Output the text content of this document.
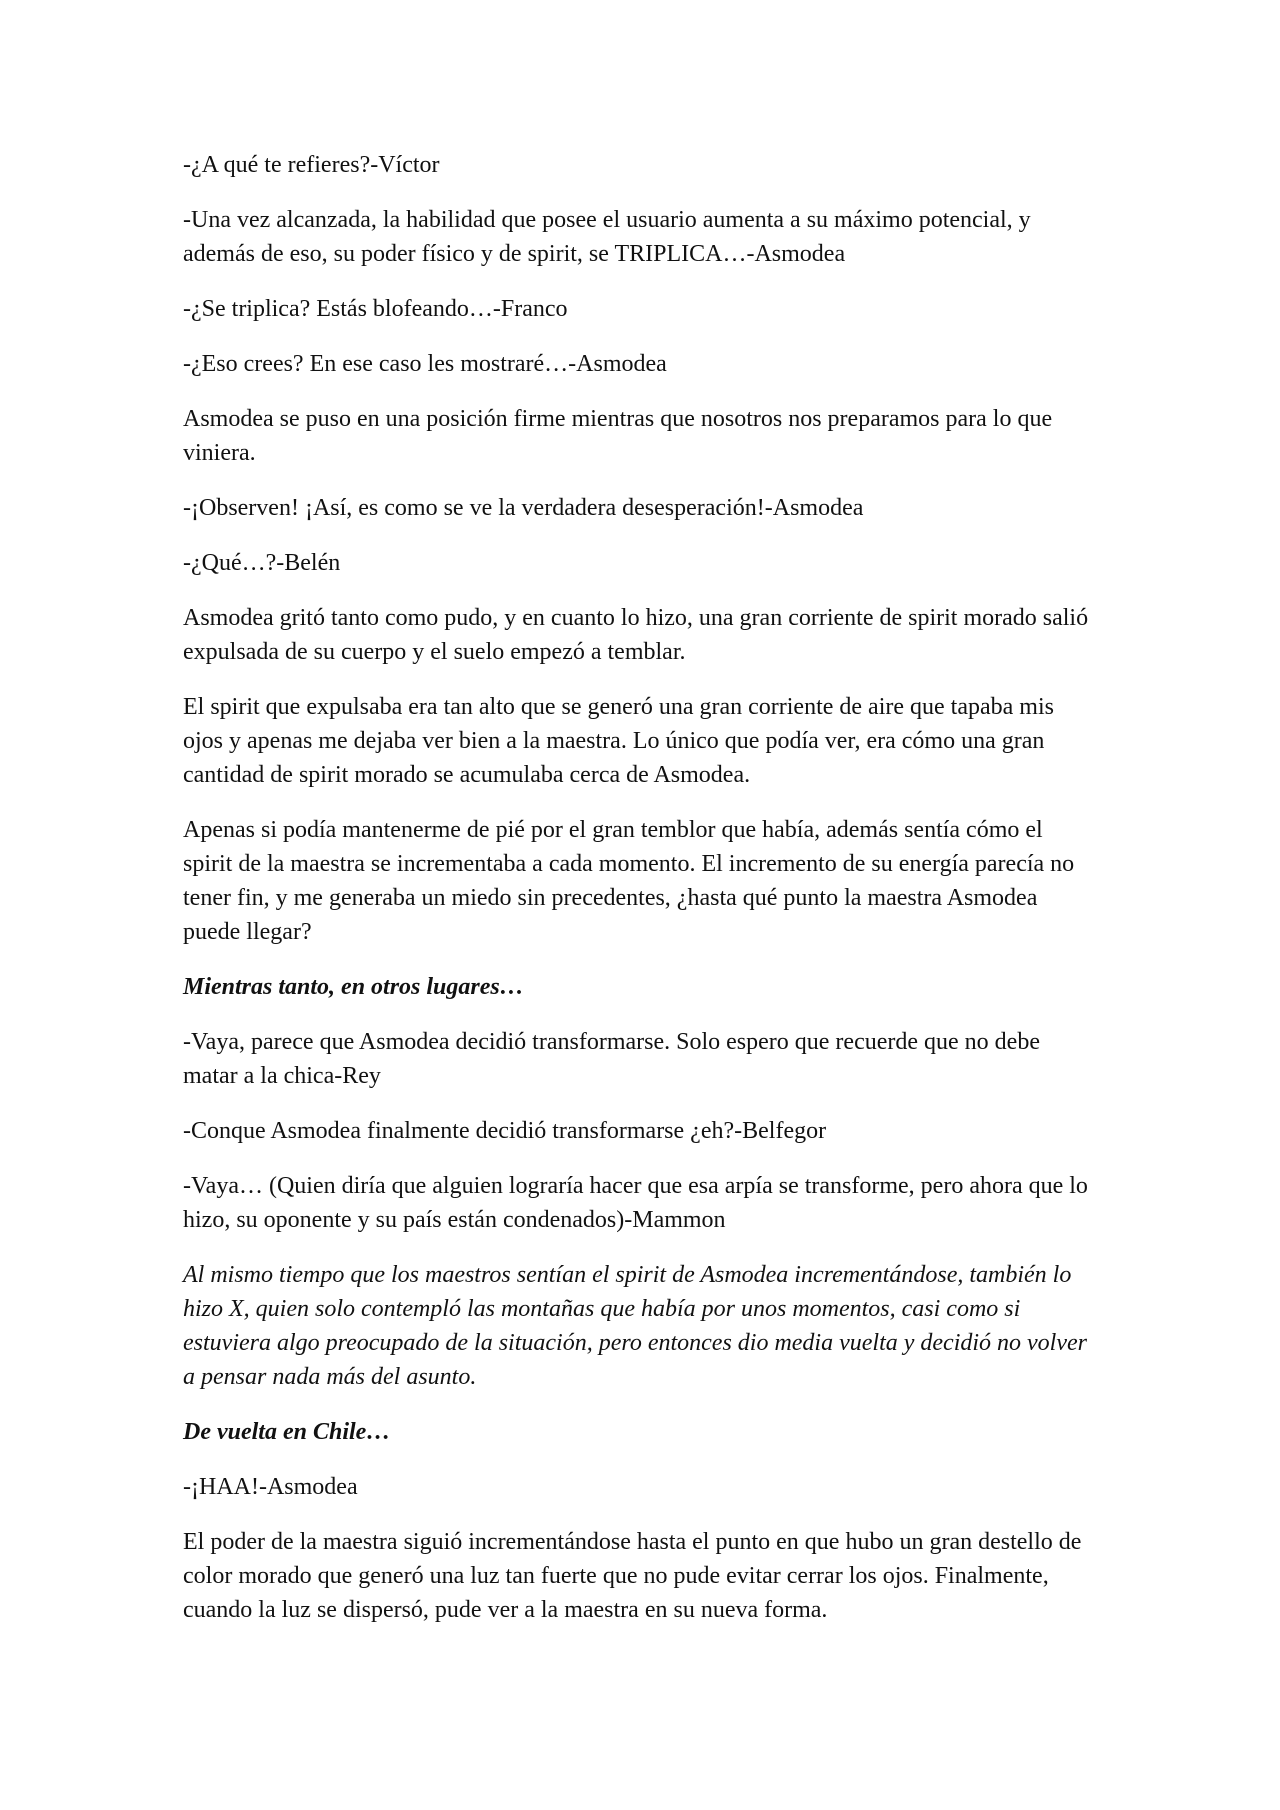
-¿A qué te refieres?-Víctor

-Una vez alcanzada, la habilidad que posee el usuario aumenta a su máximo potencial, y además de eso, su poder físico y de spirit, se TRIPLICA…-Asmodea

-¿Se triplica? Estás blofeando…-Franco

-¿Eso crees? En ese caso les mostraré…-Asmodea

Asmodea se puso en una posición firme mientras que nosotros nos preparamos para lo que viniera.

-¡Observen! ¡Así, es como se ve la verdadera desesperación!-Asmodea

-¿Qué…?-Belén

Asmodea gritó tanto como pudo, y en cuanto lo hizo, una gran corriente de spirit morado salió expulsada de su cuerpo y el suelo empezó a temblar.

El spirit que expulsaba era tan alto que se generó una gran corriente de aire que tapaba mis ojos y apenas me dejaba ver bien a la maestra. Lo único que podía ver, era cómo una gran cantidad de spirit morado se acumulaba cerca de Asmodea.

Apenas si podía mantenerme de pié por el gran temblor que había, además sentía cómo el spirit de la maestra se incrementaba a cada momento. El incremento de su energía parecía no tener fin, y me generaba un miedo sin precedentes, ¿hasta qué punto la maestra Asmodea puede llegar?

Mientras tanto, en otros lugares…

-Vaya, parece que Asmodea decidió transformarse. Solo espero que recuerde que no debe matar a la chica-Rey

-Conque Asmodea finalmente decidió transformarse ¿eh?-Belfegor

-Vaya… (Quien diría que alguien lograría hacer que esa arpía se transforme, pero ahora que lo hizo, su oponente y su país están condenados)-Mammon

Al mismo tiempo que los maestros sentían el spirit de Asmodea incrementándose, también lo hizo X, quien solo contempló las montañas que había por unos momentos, casi como si estuviera algo preocupado de la situación, pero entonces dio media vuelta y decidió no volver a pensar nada más del asunto.

De vuelta en Chile…

-¡HAA!-Asmodea

El poder de la maestra siguió incrementándose hasta el punto en que hubo un gran destello de color morado que generó una luz tan fuerte que no pude evitar cerrar los ojos. Finalmente, cuando la luz se dispersó, pude ver a la maestra en su nueva forma.
